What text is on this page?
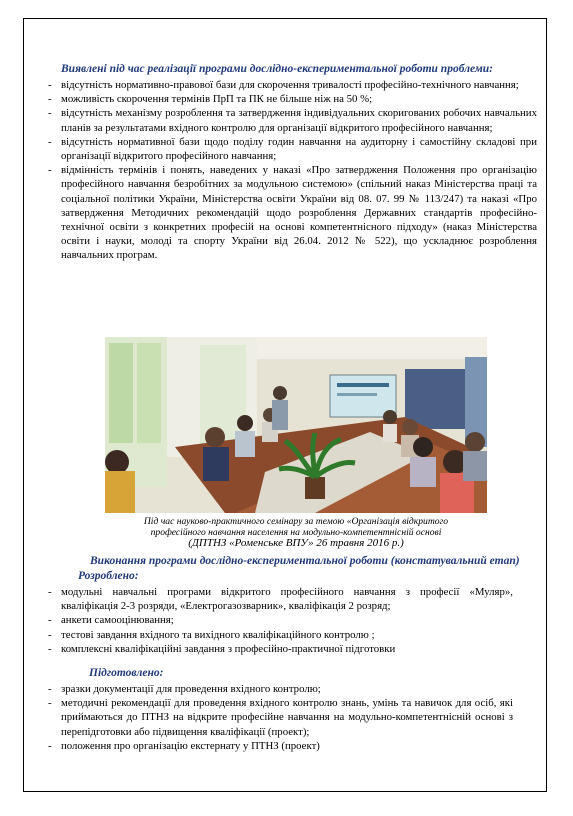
Виявлені під час реалізації програми дослідно-експериментальної роботи проблеми:
- відсутність нормативно-правової бази для скорочення тривалості професійно-технічного навчання;
- можливість скорочення термінів ПрП та ПК не більше ніж на 50 %;
- відсутність механізму розроблення та затвердження індивідуальних скоригованих робочих навчальних планів за результатами вхідного контролю для організації відкритого професійного навчання;
- відсутність нормативної бази щодо поділу годин навчання на аудиторну і самостійну складові при організації відкритого професійного навчання;
- відмінність термінів і понять, наведених у наказі «Про затвердження Положення про організацію професійного навчання безробітних за модульною системою» (спільний наказ Міністерства праці та соціальної політики України, Міністерства освіти України від 08. 07. 99 № 113/247) та наказі «Про затвердження Методичних рекомендацій щодо розроблення Державних стандартів професійно-технічної освіти з конкретних професій на основі компетентнісного підходу» (наказ Міністерства освіти і науки, молоді та спорту України від 26.04. 2012 № 522), що ускладнює розроблення навчальних програм.
Під час науково-практичного семінару за темою «Організація відкритого
професійного навчання населення на модульно-компетентнісній основі
(ДПТНЗ «Роменське ВПУ» 26 травня 2016 р.)
Виконання програми дослідно-експериментальної роботи (констатувальний етап)
Розроблено:
- модульні навчальні програми відкритого професійного навчання з професії «Муляр», кваліфікація 2-3 розряди, «Електрогазозварник», кваліфікація 2 розряд;
- анкети самооцінювання;
- тестові завдання вхідного та вихідного кваліфікаційного контролю ;
- комплексні кваліфікаційні завдання з професійно-практичної підготовки
Підготовлено:
- зразки документації для проведення вхідного контролю;
- методичні рекомендації для проведення вхідного контролю знань, умінь та навичок для осіб, які приймаються до ПТНЗ на відкрите професійне навчання на модульно-компетентнісній основі з перепідготовки або підвищення кваліфікації (проект);
- положення про організацію екстернату у ПТНЗ (проект)
